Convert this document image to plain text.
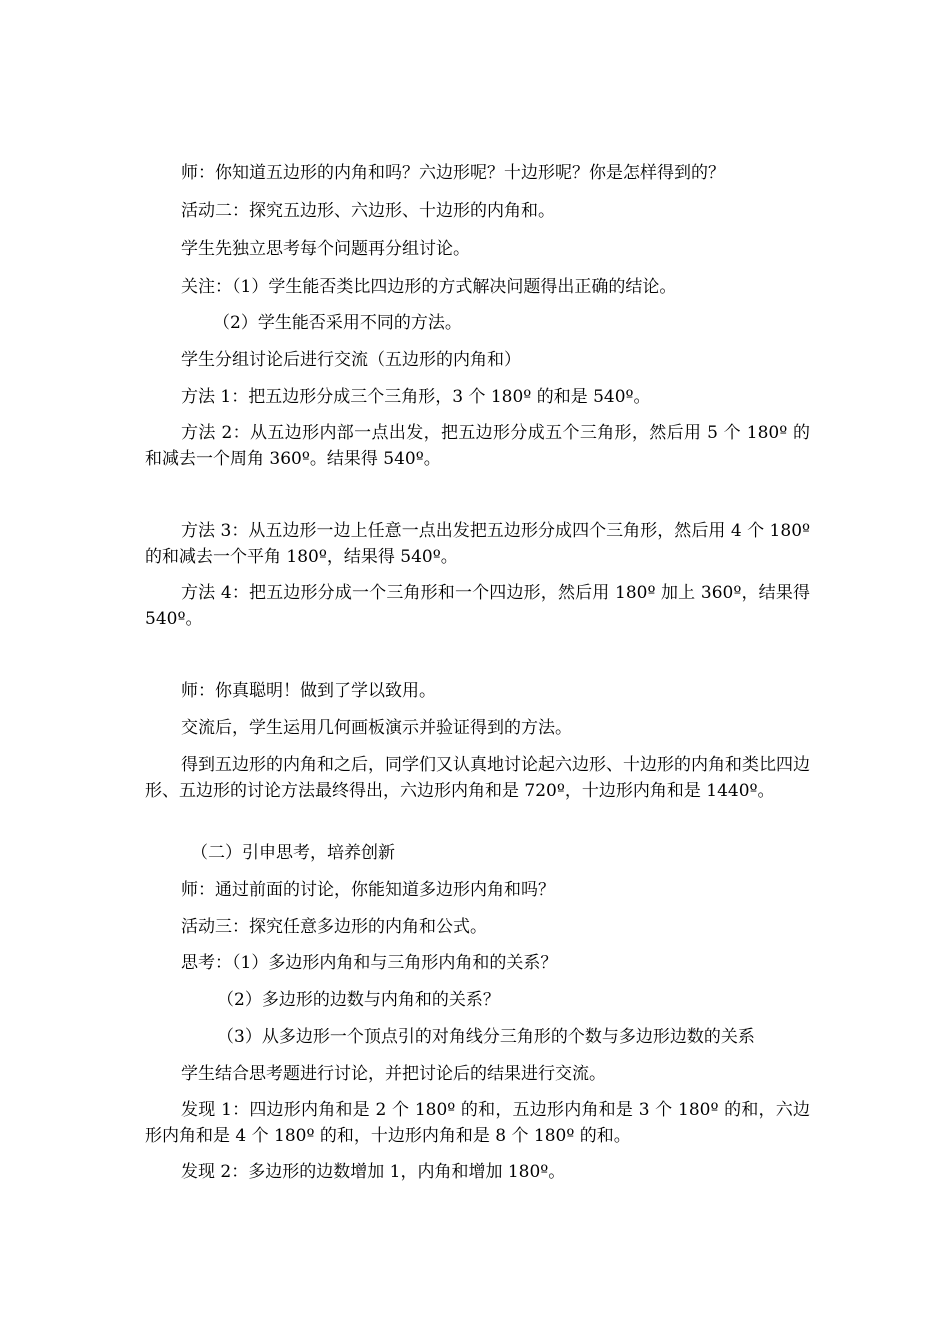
师：你知道五边形的内角和吗？六边形呢？十边形呢？你是怎样得到的？

活动二：探究五边形、六边形、十边形的内角和。

学生先独立思考每个问题再分组讨论。

关注：（1）学生能否类比四边形的方式解决问题得出正确的结论。

（2）学生能否采用不同的方法。

学生分组讨论后进行交流（五边形的内角和）

方法 1：把五边形分成三个三角形，3 个 180º 的和是 540º。

方法 2：从五边形内部一点出发，把五边形分成五个三角形，然后用 5 个 180º 的和减去一个周角 360º。结果得 540º。

方法 3：从五边形一边上任意一点出发把五边形分成四个三角形，然后用 4 个 180º 的和减去一个平角 180º，结果得 540º。

方法 4：把五边形分成一个三角形和一个四边形，然后用 180º 加上 360º，结果得 540º。

师：你真聪明！做到了学以致用。

交流后，学生运用几何画板演示并验证得到的方法。

得到五边形的内角和之后，同学们又认真地讨论起六边形、十边形的内角和类比四边形、五边形的讨论方法最终得出，六边形内角和是 720º，十边形内角和是 1440º。

（二）引申思考，培养创新

师：通过前面的讨论，你能知道多边形内角和吗？

活动三：探究任意多边形的内角和公式。

思考：（1）多边形内角和与三角形内角和的关系？

（2）多边形的边数与内角和的关系？

（3）从多边形一个顶点引的对角线分三角形的个数与多边形边数的关系

学生结合思考题进行讨论，并把讨论后的结果进行交流。

发现 1：四边形内角和是 2 个 180º 的和，五边形内角和是 3 个 180º 的和，六边形内角和是 4 个 180º 的和，十边形内角和是 8 个 180º 的和。

发现 2：多边形的边数增加 1，内角和增加 180º。
